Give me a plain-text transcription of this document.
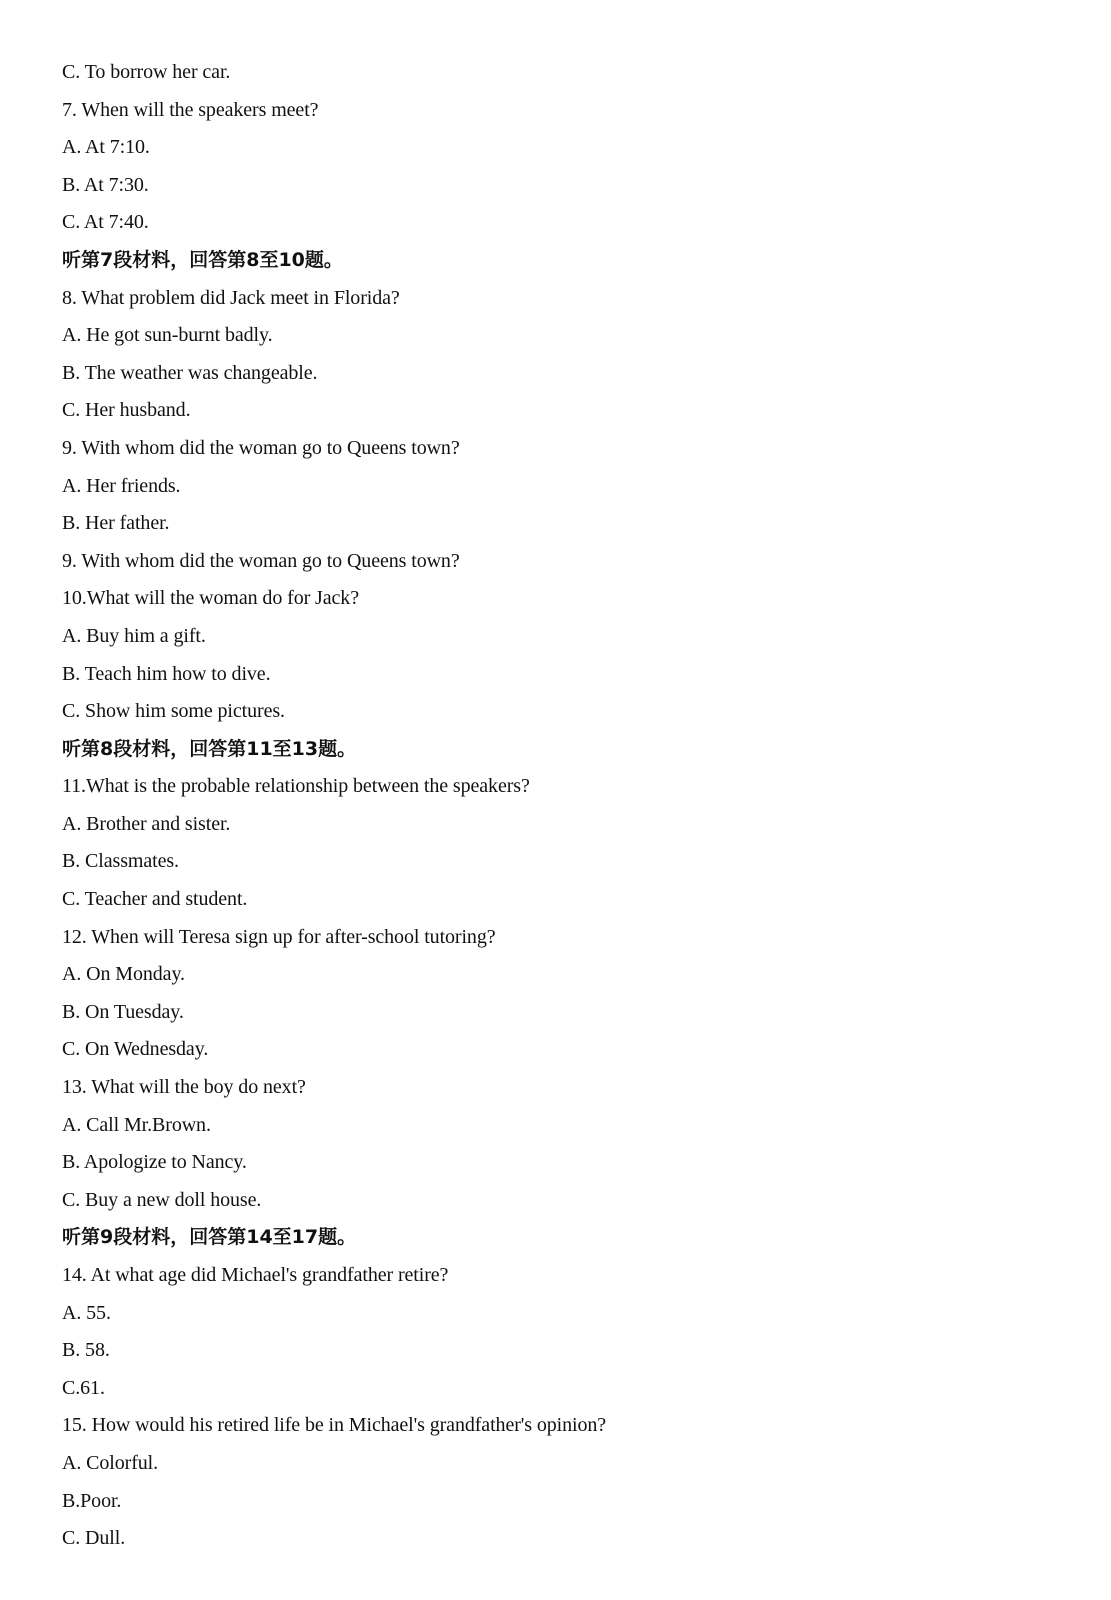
C. To borrow her car.
7. When will the speakers meet?
A. At 7:10.
B. At 7:30.
C. At 7:40.
听第7段材料，回答第8至10题。
8. What problem did Jack meet in Florida?
A. He got sun-burnt badly.
B. The weather was changeable.
C. Her husband.
9. With whom did the woman go to Queens town?
A. Her friends.
B. Her father.
9. With whom did the woman go to Queens town?
10.What will the woman do for Jack?
A. Buy him a gift.
B. Teach him how to dive.
C. Show him some pictures.
听第8段材料，回答第11至13题。
11.What is the probable relationship between the speakers?
A. Brother and sister.
B. Classmates.
C. Teacher and student.
12. When will Teresa sign up for after-school tutoring?
A. On Monday.
B. On Tuesday.
C. On Wednesday.
13. What will the boy do next?
A. Call Mr.Brown.
B. Apologize to Nancy.
C. Buy a new doll house.
听第9段材料，回答第14至17题。
14. At what age did Michael's grandfather retire?
A. 55.
B. 58.
C.61.
15. How would his retired life be in Michael's grandfather's opinion?
A. Colorful.
B.Poor.
C. Dull.
